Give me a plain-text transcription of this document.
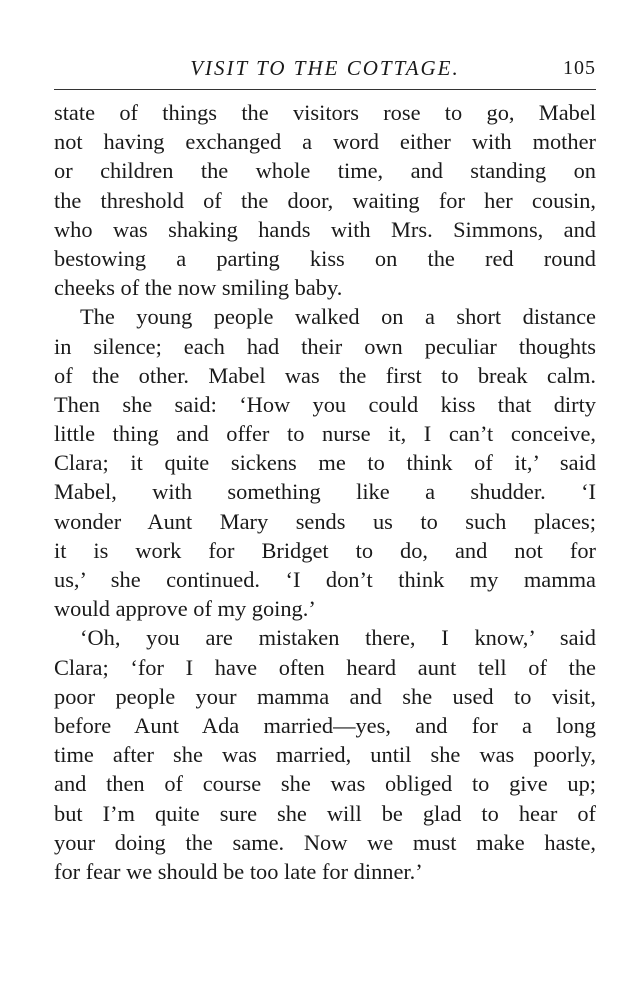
VISIT TO THE COTTAGE.	105
state of things the visitors rose to go, Mabel
not having exchanged a word either with mother
or children the whole time, and standing on
the threshold of the door, waiting for her cousin,
who was shaking hands with Mrs. Simmons, and
bestowing a parting kiss on the red round
cheeks of the now smiling baby.
The young people walked on a short distance
in silence; each had their own peculiar thoughts
of the other. Mabel was the first to break calm.
Then she said: ‘How you could kiss that dirty
little thing and offer to nurse it, I can’t conceive,
Clara; it quite sickens me to think of it,’ said
Mabel, with something like a shudder. ‘I
wonder Aunt Mary sends us to such places;
it is work for Bridget to do, and not for
us,’ she continued. ‘I don’t think my mamma
would approve of my going.’
‘Oh, you are mistaken there, I know,’ said
Clara; ‘for I have often heard aunt tell of the
poor people your mamma and she used to visit,
before Aunt Ada married—yes, and for a long
time after she was married, until she was poorly,
and then of course she was obliged to give up;
but I’m quite sure she will be glad to hear of
your doing the same. Now we must make haste,
for fear we should be too late for dinner.’
